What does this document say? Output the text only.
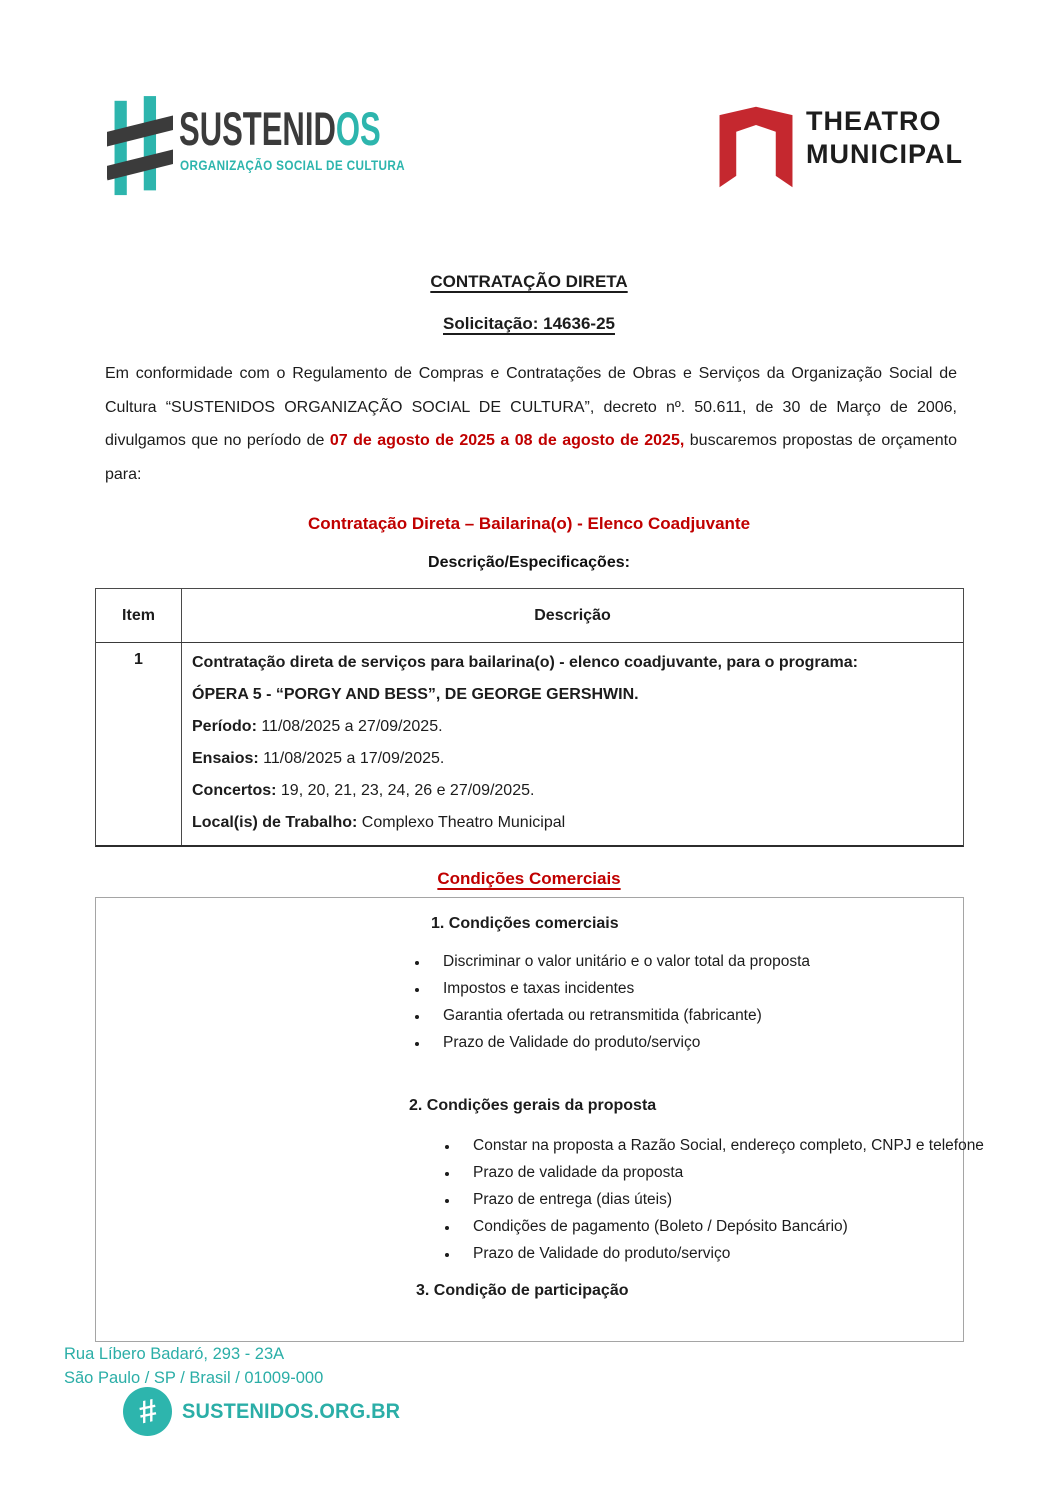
SUSTENIDOS
ORGANIZAÇÃO SOCIAL DE CULTURA
THEATRO
MUNICIPAL
CONTRATAÇÃO DIRETA
Solicitação: 14636-25

Em conformidade com o Regulamento de Compras e Contratações de Obras e Serviços da Organização Social de Cultura “SUSTENIDOS ORGANIZAÇÃO SOCIAL DE CULTURA”, decreto nº. 50.611, de 30 de Março de 2006, divulgamos que no período de 07 de agosto de 2025 a 08 de agosto de 2025, buscaremos propostas de orçamento para:

Contratação Direta – Bailarina(o) - Elenco Coadjuvante
Descrição/Especificações:
Item	Descrição
1	Contratação direta de serviços para bailarina(o) - elenco coadjuvante, para o programa:

ÓPERA 5 - “PORGY AND BESS”, DE GEORGE GERSHWIN.

Período: 11/08/2025 a 27/09/2025.

Ensaios: 11/08/2025 a 17/09/2025.

Concertos: 19, 20, 21, 23, 24, 26 e 27/09/2025.

Local(is) de Trabalho: Complexo Theatro Municipal

Condições Comerciais
1. Condições comerciais
• Discriminar o valor unitário e o valor total da proposta
• Impostos e taxas incidentes
• Garantia ofertada ou retransmitida (fabricante)
• Prazo de Validade do produto/serviço
2. Condições gerais da proposta
• Constar na proposta a Razão Social, endereço completo, CNPJ e telefone
• Prazo de validade da proposta
• Prazo de entrega (dias úteis)
• Condições de pagamento (Boleto / Depósito Bancário)
• Prazo de Validade do produto/serviço
3. Condição de participação
Rua Líbero Badaró, 293 - 23A
São Paulo / SP / Brasil / 01009-000
# SUSTENIDOS.ORG.BR
